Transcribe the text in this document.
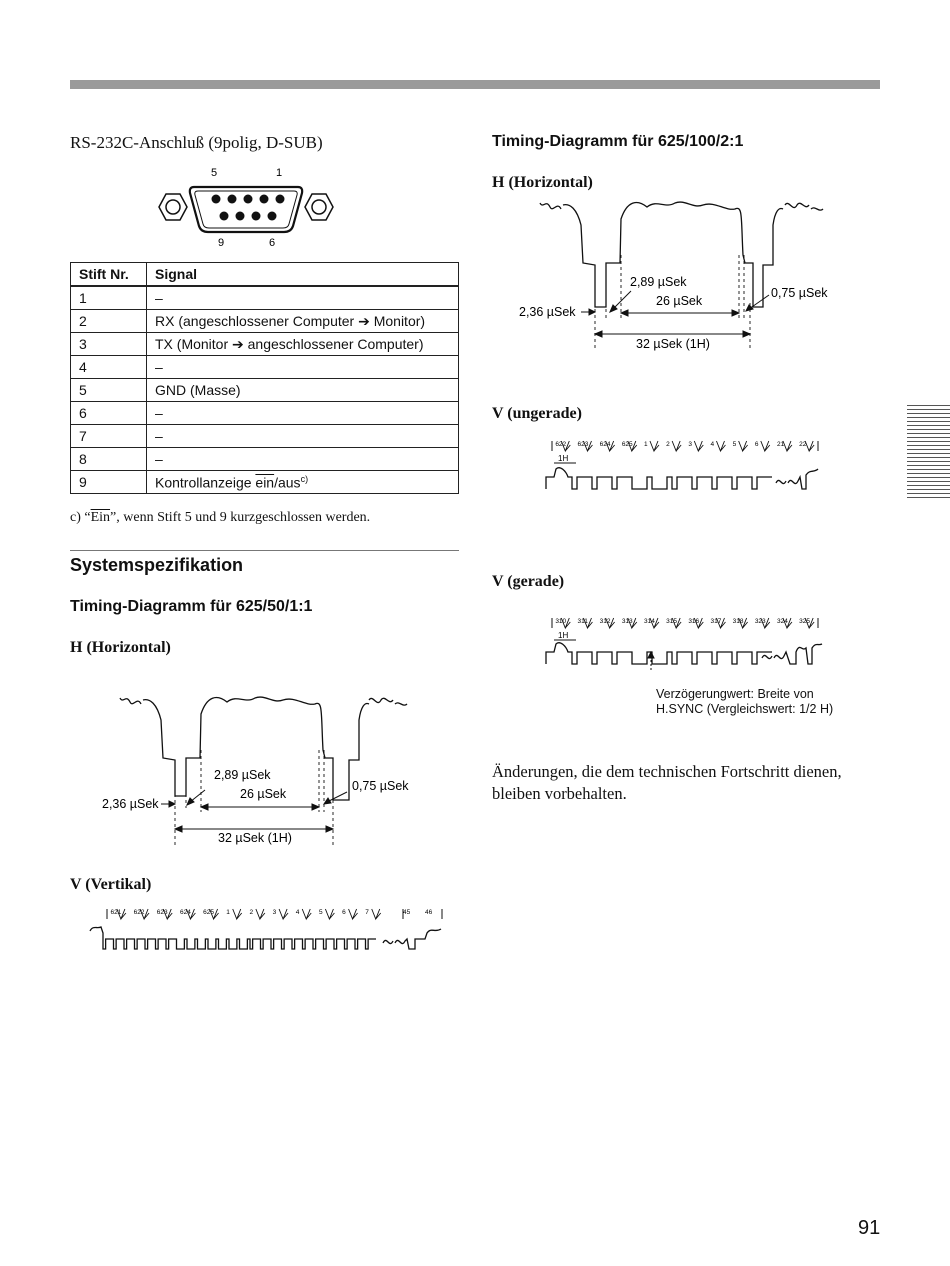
RS-232C-Anschluß (9polig, D-SUB)
5	1
9	6
Stift Nr.	Signal
1	–
2	RX (angeschlossener Computer ➔ Monitor)
3	TX (Monitor ➔ angeschlossener Computer)
4	–
5	GND (Masse)
6	–
7	–
8	–
9	Kontrollanzeige $\overline{ein}/aus^{c)}$
c) “$\overline{Ein}$”, wenn Stift 5 und 9 kurzgeschlossen werden.
Systemspezifikation
Timing-Diagramm für 625/50/1:1
H (Horizontal)
2,36 µSek
2,89 µSek
26 µSek
0,75 µSek
32 µSek (1H)
V (Vertikal)
621 622 623 624 625 1	2	3	4	5	6	7	45 46
Timing-Diagramm für 625/100/2:1
H (Horizontal)
2,36 µSek
2,89 µSek
26 µSek
0,75 µSek
32 µSek (1H)
V (ungerade)
1H
622 623 624 625 1	2	3	4	5	6	21 22
V (gerade)
1H
310 311 312 313 314 315 316 317 318 323 324 325
Verzögerungwert: Breite von
H.SYNC (Vergleichswert: 1/2 H)
Änderungen, die dem technischen Fortschritt dienen,
bleiben vorbehalten.
91
